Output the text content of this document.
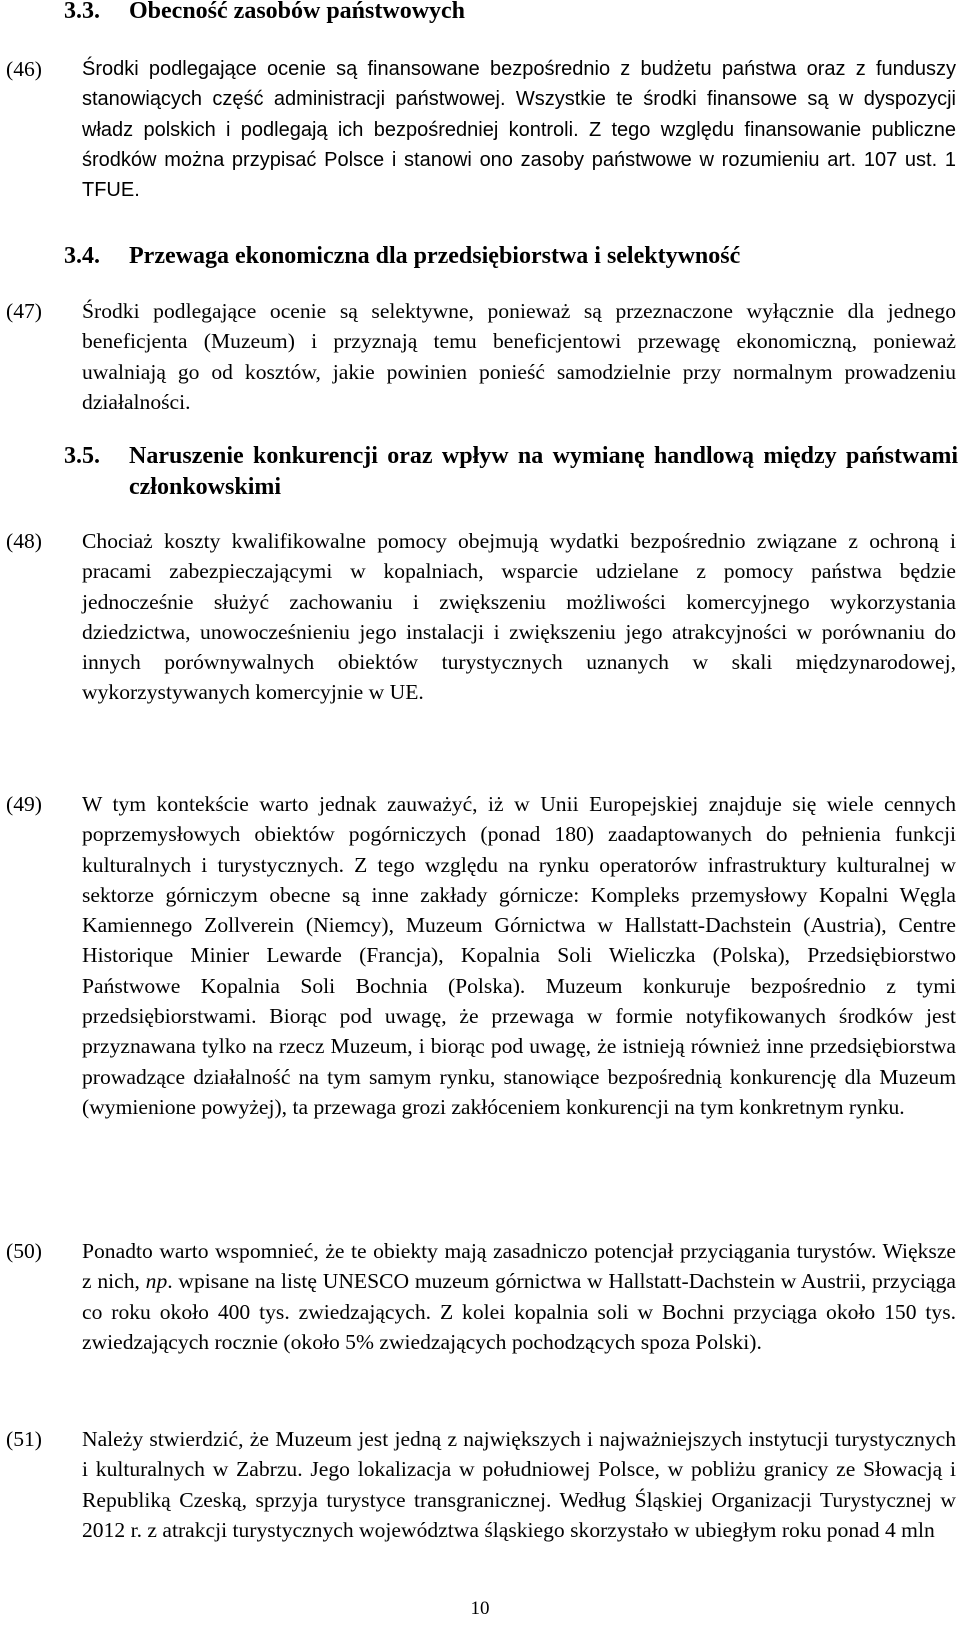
3.3.	Obecność zasobów państwowych
(46) Środki podlegające ocenie są finansowane bezpośrednio z budżetu państwa oraz z funduszy stanowiących część administracji państwowej. Wszystkie te środki finansowe są w dyspozycji władz polskich i podlegają ich bezpośredniej kontroli. Z tego względu finansowanie publiczne środków można przypisać Polsce i stanowi ono zasoby państwowe w rozumieniu art. 107 ust. 1 TFUE.
3.4.	Przewaga ekonomiczna dla przedsiębiorstwa i selektywność
(47) Środki podlegające ocenie są selektywne, ponieważ są przeznaczone wyłącznie dla jednego beneficjenta (Muzeum) i przyznają temu beneficjentowi przewagę ekonomiczną, ponieważ uwalniają go od kosztów, jakie powinien ponieść samodzielnie przy normalnym prowadzeniu działalności.
3.5.	Naruszenie konkurencji oraz wpływ na wymianę handlową między państwami członkowskimi
(48) Chociaż koszty kwalifikowalne pomocy obejmują wydatki bezpośrednio związane z ochroną i pracami zabezpieczającymi w kopalniach, wsparcie udzielane z pomocy państwa będzie jednocześnie służyć zachowaniu i zwiększeniu możliwości komercyjnego wykorzystania dziedzictwa, unowocześnieniu jego instalacji i zwiększeniu jego atrakcyjności w porównaniu do innych porównywalnych obiektów turystycznych uznanych w skali międzynarodowej, wykorzystywanych komercyjnie w UE.
(49) W tym kontekście warto jednak zauważyć, iż w Unii Europejskiej znajduje się wiele cennych poprzemysłowych obiektów pogórniczych (ponad 180) zaadaptowanych do pełnienia funkcji kulturalnych i turystycznych. Z tego względu na rynku operatorów infrastruktury kulturalnej w sektorze górniczym obecne są inne zakłady górnicze: Kompleks przemysłowy Kopalni Węgla Kamiennego Zollverein (Niemcy), Muzeum Górnictwa w Hallstatt-Dachstein (Austria), Centre Historique Minier Lewarde (Francja), Kopalnia Soli Wieliczka (Polska), Przedsiębiorstwo Państwowe Kopalnia Soli Bochnia (Polska). Muzeum konkuruje bezpośrednio z tymi przedsiębiorstwami. Biorąc pod uwagę, że przewaga w formie notyfikowanych środków jest przyznawana tylko na rzecz Muzeum, i biorąc pod uwagę, że istnieją również inne przedsiębiorstwa prowadzące działalność na tym samym rynku, stanowiące bezpośrednią konkurencję dla Muzeum (wymienione powyżej), ta przewaga grozi zakłóceniem konkurencji na tym konkretnym rynku.
(50) Ponadto warto wspomnieć, że te obiekty mają zasadniczo potencjał przyciągania turystów. Większe z nich, np. wpisane na listę UNESCO muzeum górnictwa w Hallstatt-Dachstein w Austrii, przyciąga co roku około 400 tys. zwiedzających. Z kolei kopalnia soli w Bochni przyciąga około 150 tys. zwiedzających rocznie (około 5% zwiedzających pochodzących spoza Polski).
(51) Należy stwierdzić, że Muzeum jest jedną z największych i najważniejszych instytucji turystycznych i kulturalnych w Zabrzu. Jego lokalizacja w południowej Polsce, w pobliżu granicy ze Słowacją i Republiką Czeską, sprzyja turystyce transgranicznej. Według Śląskiej Organizacji Turystycznej w 2012 r. z atrakcji turystycznych województwa śląskiego skorzystało w ubiegłym roku ponad 4 mln
10
